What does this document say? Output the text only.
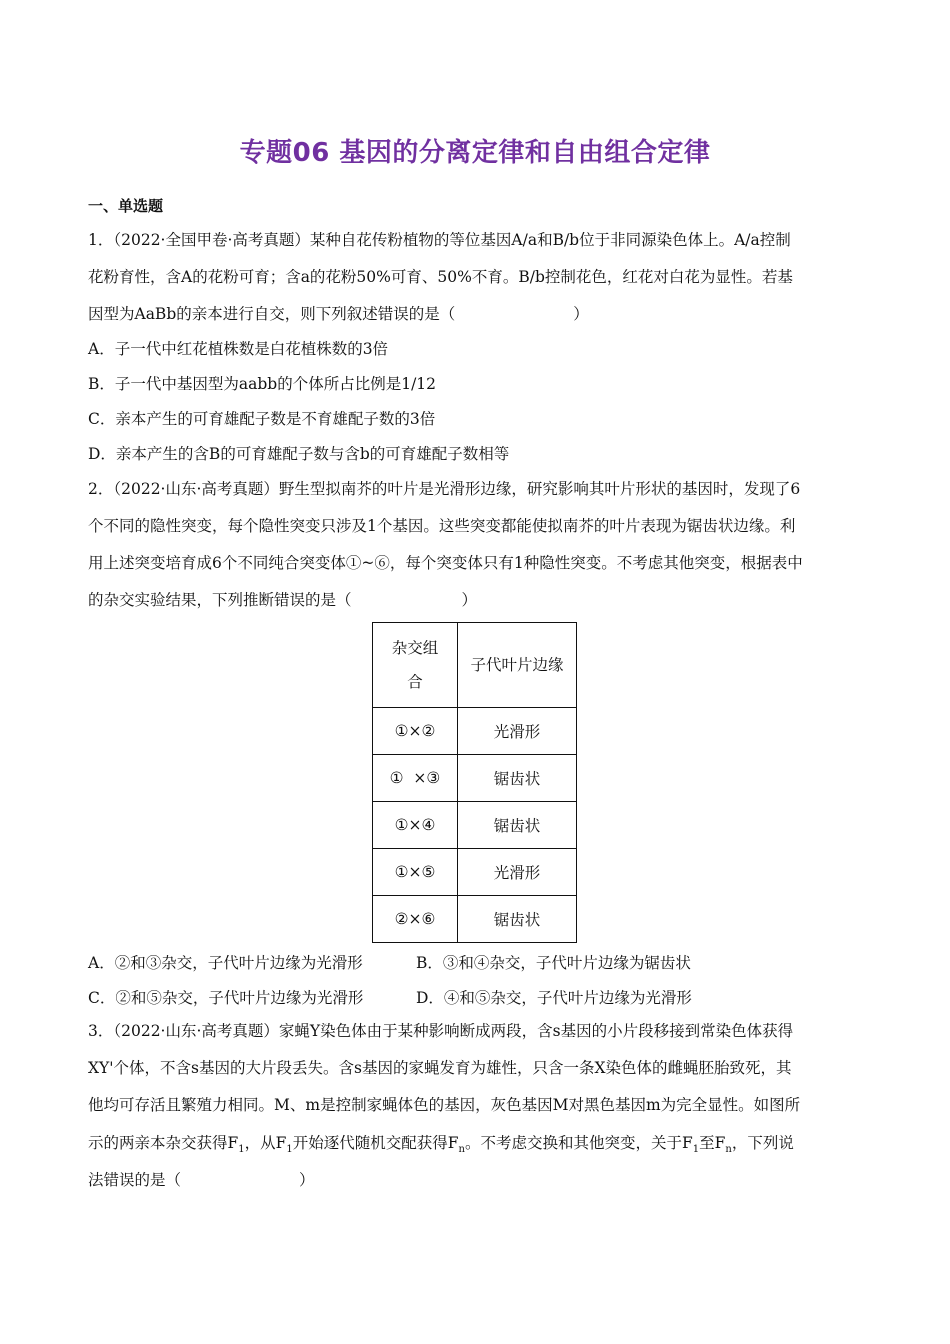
专题06 基因的分离定律和自由组合定律
一、单选题
1．（2022·全国甲卷·高考真题）某种自花传粉植物的等位基因A/a和B/b位于非同源染色体上。A/a控制
花粉育性，含A的花粉可育；含a的花粉50%可育、50%不育。B/b控制花色，红花对白花为显性。若基
因型为AaBb的亲本进行自交，则下列叙述错误的是（	）
A．子一代中红花植株数是白花植株数的3倍
B．子一代中基因型为aabb的个体所占比例是1/12
C．亲本产生的可育雄配子数是不育雄配子数的3倍
D．亲本产生的含B的可育雄配子数与含b的可育雄配子数相等
2．（2022·山东·高考真题）野生型拟南芥的叶片是光滑形边缘，研究影响其叶片形状的基因时，发现了6
个不同的隐性突变，每个隐性突变只涉及1个基因。这些突变都能使拟南芥的叶片表现为锯齿状边缘。利
用上述突变培育成6个不同纯合突变体①~⑥，每个突变体只有1种隐性突变。不考虑其他突变，根据表中
的杂交实验结果，下列推断错误的是（	）
杂交组合	子代叶片边缘
①×②	光滑形
①  ×③	锯齿状
①×④	锯齿状
①×⑤	光滑形
②×⑥	锯齿状
A．②和③杂交，子代叶片边缘为光滑形	B．③和④杂交，子代叶片边缘为锯齿状
C．②和⑤杂交，子代叶片边缘为光滑形	D．④和⑤杂交，子代叶片边缘为光滑形
3．（2022·山东·高考真题）家蝇Y染色体由于某种影响断成两段，含s基因的小片段移接到常染色体获得
XY'个体，不含s基因的大片段丢失。含s基因的家蝇发育为雄性，只含一条X染色体的雌蝇胚胎致死，其
他均可存活且繁殖力相同。M、m是控制家蝇体色的基因，灰色基因M对黑色基因m为完全显性。如图所
示的两亲本杂交获得$F_1$，从$F_1$开始逐代随机交配获得$F_n$。不考虑交换和其他突变，关于$F_1$至$F_n$，下列说
法错误的是（	）
